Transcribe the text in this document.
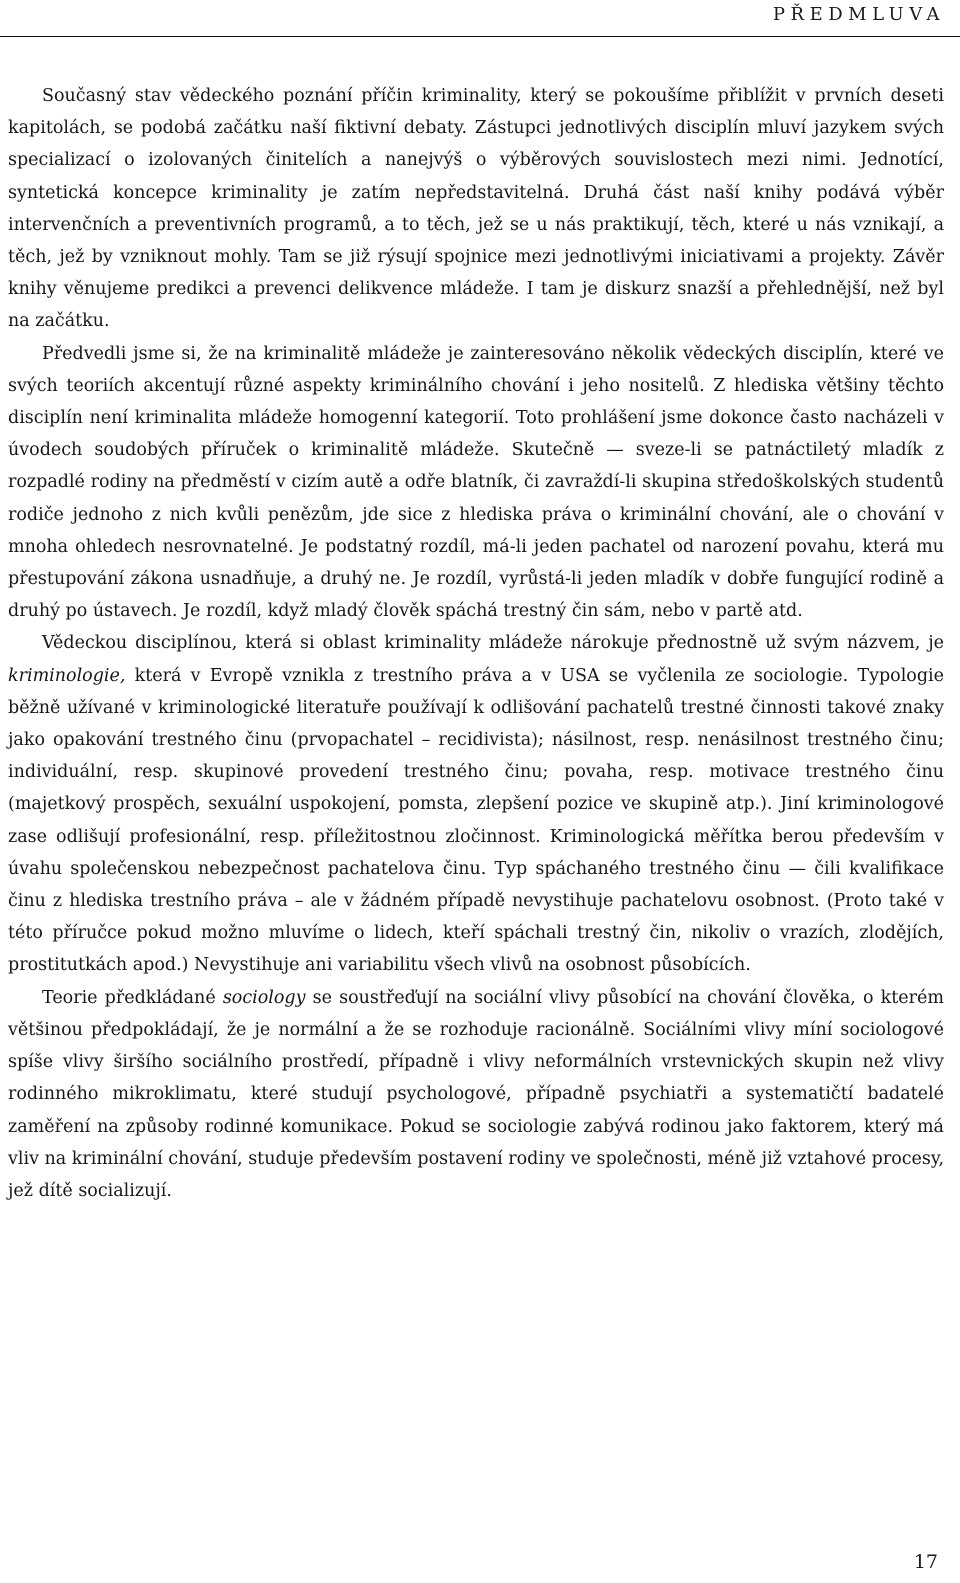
PŘEDMLUVA

Současný stav vědeckého poznání příčin kriminality, který se pokoušíme přiblížit v prvních deseti kapitolách, se podobá začátku naší fiktivní debaty. Zástupci jednotlivých disciplín mluví jazykem svých specializací o izolovaných činitelích a nanejvýš o výběrových souvislostech mezi nimi. Jednotící, syntetická koncepce kriminality je zatím nepředstavitelná. Druhá část naší knihy podává výběr intervenčních a preventivních programů, a to těch, jež se u nás praktikují, těch, které u nás vznikají, a těch, jež by vzniknout mohly. Tam se již rýsují spojnice mezi jednotlivými iniciativami a projekty. Závěr knihy věnujeme predikci a prevenci delikvence mládeže. I tam je diskurz snazší a přehlednější, než byl na začátku.

Předvedli jsme si, že na kriminalitě mládeže je zainteresováno několik vědeckých disciplín, které ve svých teoriích akcentují různé aspekty kriminálního chování i jeho nositelů. Z hlediska většiny těchto disciplín není kriminalita mládeže homogenní kategorií. Toto prohlášení jsme dokonce často nacházeli v úvodech soudobých příruček o kriminalitě mládeže. Skutečně — sveze-li se patnáctiletý mladík z rozpadlé rodiny na předměstí v cizím autě a odře blatník, či zavraždí-li skupina středoškolských studentů rodiče jednoho z nich kvůli penězům, jde sice z hlediska práva o kriminální chování, ale o chování v mnoha ohledech nesrovnatelné. Je podstatný rozdíl, má-li jeden pachatel od narození povahu, která mu přestupování zákona usnadňuje, a druhý ne. Je rozdíl, vyrůstá-li jeden mladík v dobře fungující rodině a druhý po ústavech. Je rozdíl, když mladý člověk spáchá trestný čin sám, nebo v partě atd.

Vědeckou disciplínou, která si oblast kriminality mládeže nárokuje přednostně už svým názvem, je kriminologie, která v Evropě vznikla z trestního práva a v USA se vyčlenila ze sociologie. Typologie běžně užívané v kriminologické literatuře používají k odlišování pachatelů trestné činnosti takové znaky jako opakování trestného činu (prvopachatel – recidivista); násilnost, resp. nenásilnost trestného činu; individuální, resp. skupinové provedení trestného činu; povaha, resp. motivace trestného činu (majetkový prospěch, sexuální uspokojení, pomsta, zlepšení pozice ve skupině atp.). Jiní kriminologové zase odlišují profesionální, resp. příležitostnou zločinnost. Kriminologická měřítka berou především v úvahu společenskou nebezpečnost pachatelova činu. Typ spáchaného trestného činu — čili kvalifikace činu z hlediska trestního práva – ale v žádném případě nevystihuje pachatelovu osobnost. (Proto také v této příručce pokud možno mluvíme o lidech, kteří spáchali trestný čin, nikoliv o vrazích, zlodějích, prostitutkách apod.) Nevystihuje ani variabilitu všech vlivů na osobnost působících.

Teorie předkládané sociology se soustřeďují na sociální vlivy působící na chování člověka, o kterém většinou předpokládají, že je normální a že se rozhoduje racionálně. Sociálními vlivy míní sociologové spíše vlivy širšího sociálního prostředí, případně i vlivy neformálních vrstevnických skupin než vlivy rodinného mikroklimatu, které studují psychologové, případně psychiatři a systematičtí badatelé zaměření na způsoby rodinné komunikace. Pokud se sociologie zabývá rodinou jako faktorem, který má vliv na kriminální chování, studuje především postavení rodiny ve společnosti, méně již vztahové procesy, jež dítě socializují.

17
